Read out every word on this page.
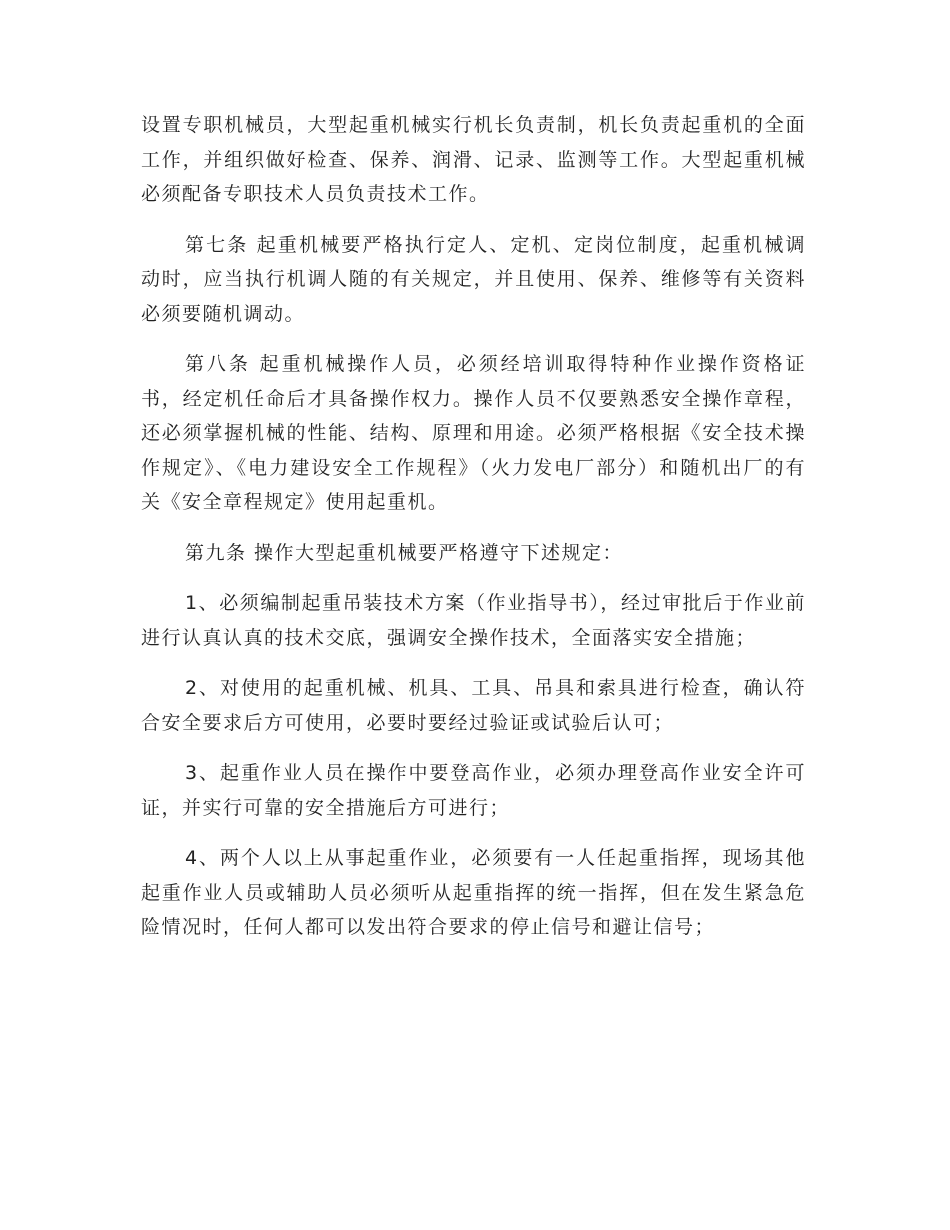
设置专职机械员，大型起重机械实行机长负责制，机长负责起重机的全面工作，并组织做好检查、保养、润滑、记录、监测等工作。大型起重机械必须配备专职技术人员负责技术工作。

第七条 起重机械要严格执行定人、定机、定岗位制度，起重机械调动时，应当执行机调人随的有关规定，并且使用、保养、维修等有关资料必须要随机调动。

第八条 起重机械操作人员，必须经培训取得特种作业操作资格证书，经定机任命后才具备操作权力。操作人员不仅要熟悉安全操作章程，还必须掌握机械的性能、结构、原理和用途。必须严格根据《安全技术操作规定》、《电力建设安全工作规程》（火力发电厂部分）和随机出厂的有关《安全章程规定》使用起重机。

第九条 操作大型起重机械要严格遵守下述规定：

1、必须编制起重吊装技术方案（作业指导书），经过审批后于作业前进行认真认真的技术交底，强调安全操作技术，全面落实安全措施；

2、对使用的起重机械、机具、工具、吊具和索具进行检查，确认符合安全要求后方可使用，必要时要经过验证或试验后认可；

3、起重作业人员在操作中要登高作业，必须办理登高作业安全许可证，并实行可靠的安全措施后方可进行；

4、两个人以上从事起重作业，必须要有一人任起重指挥，现场其他起重作业人员或辅助人员必须听从起重指挥的统一指挥，但在发生紧急危险情况时，任何人都可以发出符合要求的停止信号和避让信号；
